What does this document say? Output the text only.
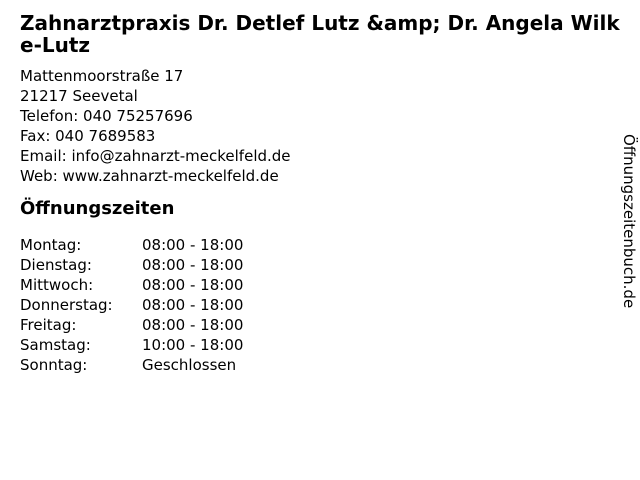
Zahnarztpraxis Dr. Detlef Lutz &amp; Dr. Angela Wilke-Lutz
Mattenmoorstraße 17
21217 Seevetal
Telefon: 040 75257696
Fax: 040 7689583
Email: info@zahnarzt-meckelfeld.de
Web: www.zahnarzt-meckelfeld.de
Öffnungszeiten
Montag:	08:00 - 18:00
Dienstag:	08:00 - 18:00
Mittwoch:	08:00 - 18:00
Donnerstag:	08:00 - 18:00
Freitag:	08:00 - 18:00
Samstag:	10:00 - 18:00
Sonntag:	Geschlossen
Öffnungszeitenbuch.de
